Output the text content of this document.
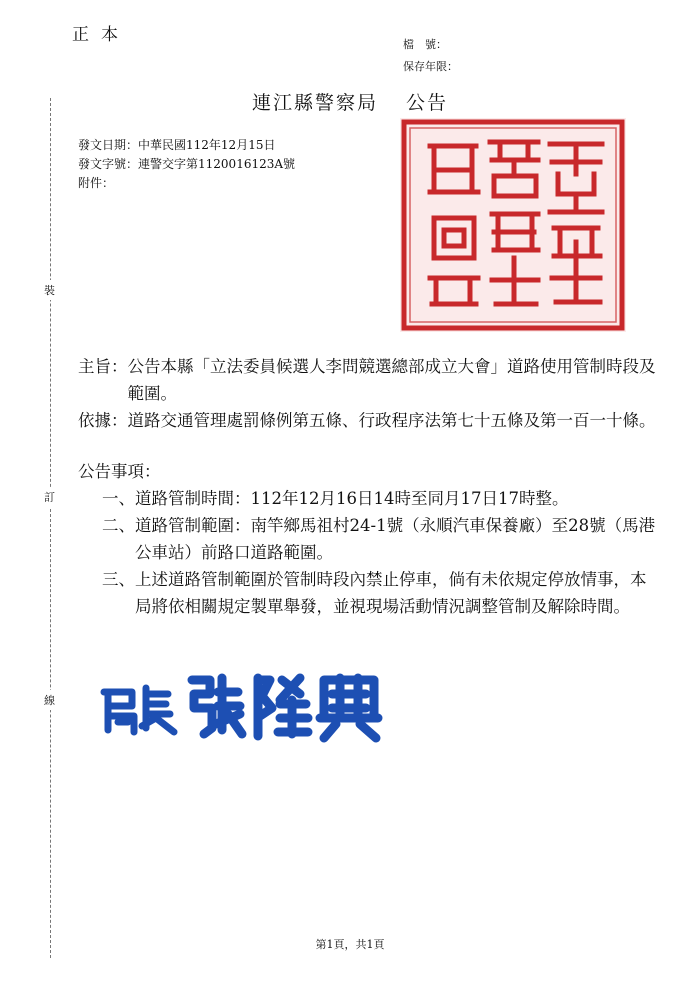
正本	檔　號：
保存年限：
連江縣警察局 公告
裝
訂
線
發文日期：中華民國112年12月15日
發文字號：連警交字第1120016123A號
附件：
主旨： 公告本縣「立法委員候選人李問競選總部成立大會」道路使用管制時段及範圍。
依據： 道路交通管理處罰條例第五條、行政程序法第七十五條及第一百一十條。
公告事項：
一、 道路管制時間：112年12月16日14時至同月17日17時整。
二、 道路管制範圍：南竿鄉馬祖村24-1號（永順汽車保養廠）至28號（馬港公車站）前路口道路範圍。
三、 上述道路管制範圍於管制時段內禁止停車，倘有未依規定停放情事，本局將依相關規定製單舉發，並視現場活動情況調整管制及解除時間。
第1頁，共1頁
